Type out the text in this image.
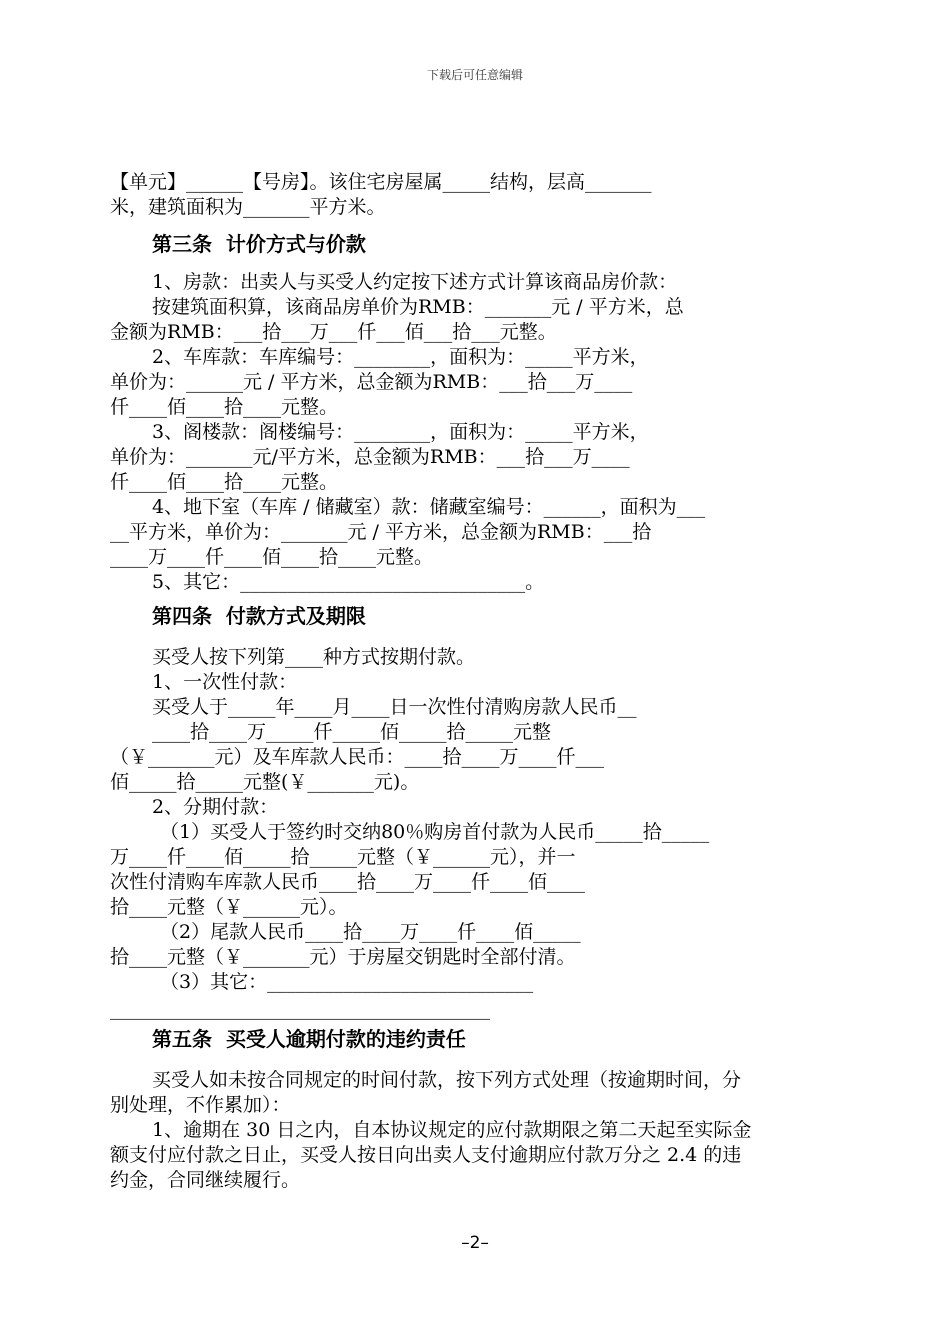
下载后可任意编辑
【单元】______【号房】。该住宅房屋属_____结构，层高_______
米，建筑面积为_______平方米。
第三条  计价方式与价款
1、房款：出卖人与买受人约定按下述方式计算该商品房价款：
按建筑面积算，该商品房单价为RMB：_______元 / 平方米，总
金额为RMB：___拾___万___仟___佰___拾___元整。
2、车库款：车库编号：________，面积为：_____平方米，
单价为：______元 / 平方米，总金额为RMB：___拾___万____
仟____佰____拾____元整。
3、阁楼款：阁楼编号：________，面积为：_____平方米，
单价为：_______元/平方米，总金额为RMB：___拾___万____
仟____佰____拾____元整。
4、地下室（车库 / 储藏室）款：储藏室编号：______，面积为___
__平方米，单价为：_______元 / 平方米，总金额为RMB：___拾
____万____仟____佰____拾____元整。
5、其它：______________________________。
第四条  付款方式及期限
买受人按下列第____种方式按期付款。
1、一次性付款：
买受人于_____年____月____日一次性付清购房款人民币__
____拾____万_____仟_____佰_____拾_____元整
（￥_______元）及车库款人民币：____拾____万____仟___
佰_____拾_____元整(￥_______元)。
2、分期付款：
（1）买受人于签约时交纳80％购房首付款为人民币_____拾_____
万____仟____佰_____拾_____元整（￥______元），并一
次性付清购车库款人民币____拾____万____仟____佰____
拾____元整（￥______元）。
（2）尾款人民币____拾____万____仟____佰_____
拾____元整（￥_______元）于房屋交钥匙时全部付清。
（3）其它：____________________________
________________________________________
第五条  买受人逾期付款的违约责任
买受人如未按合同规定的时间付款，按下列方式处理（按逾期时间，分
别处理，不作累加）：
1、逾期在 30 日之内，自本协议规定的应付款期限之第二天起至实际金
额支付应付款之日止，买受人按日向出卖人支付逾期应付款万分之 2.4 的违
约金，合同继续履行。
–2–
